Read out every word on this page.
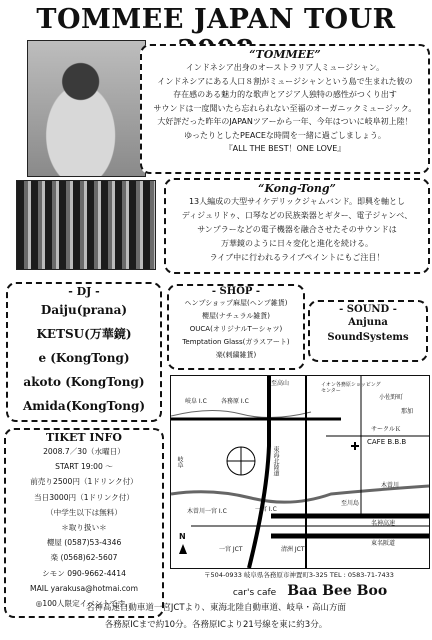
TOMMEE JAPAN TOUR
“TOMMEE”
インドネシア出身のオーストラリア人ミュージシャン。
インドネシアにある人口８割がミュージシャンという島で生まれた彼の
存在感のある魅力的な歌声とアジア人独特の感性がつくり出す
サウンドは一度聞いたら忘れられない至福のオーガニックミュージック。
大好評だった昨年のJAPANツアーから一年、今年はついに岐阜初上陸！
ゆったりとしたPEACEな時間を一緒に過ごしましょう。
『ALL THE BEST！ONE LOVE』
“Kong-Tong”
13人編成の大型サイケデリックジャムバンド。即興を軸とし
ディジュリドゥ、口琴などの民族楽器とギター、電子ジャンベ、
サンプラーなどの電子機器を融合させたそのサウンドは
万華鏡のように日々変化と進化を続ける。
ライブ中に行われるライブペイントにもご注目！
- DJ -
Daiju(prana)
KETSU(万華鏡)
e (KongTong)
akoto (KongTong)
Amida(KongTong)
- SHOP -
ヘンプショップ麻屋(ヘンプ雑貨)
櫻屋(ナチュラル雑貨)
OUCA(オリジナルTーシャツ)
Temptation Glass(ガラスアート)
楽(刺繍雑貨)
- SOUND -
Anjuna
SoundSystems
TIKET INFO
2008.7／30（水曜日）
START 19:00 〜
前売り2500円（1ドリンク付）
当日3000円（1ドリンク付）
（中学生以下は無料）
＊取り扱い＊
櫻屋 (0587)53-4346
楽 (0568)62-5607
シモン 090-9662-4414
MAIL yarakusa@hotmai.com
◎100人限定イベントです。
至高山	イオン各務原ショッピングセンター
小佐野町
岐阜 I.C 各務原 I.C
那加
サークルＫ
CAFE B.B.B
東海北陸道
木曽川一宮 I.C	一宮 I.C
一宮 JCT	清洲 JCT
名神高速
東名阪道
N
木曽川
至川島
岐阜
〒504-0933 岐阜県各務原市神置町3-325 TEL : 0583-71-7433
car's cafe Baa Bee Boo
名神高速自動車道一宮JCTより、東海北陸自動車道、岐阜・高山方面
各務原ICまで約10分。各務原ICより21号線を東に約3分。
